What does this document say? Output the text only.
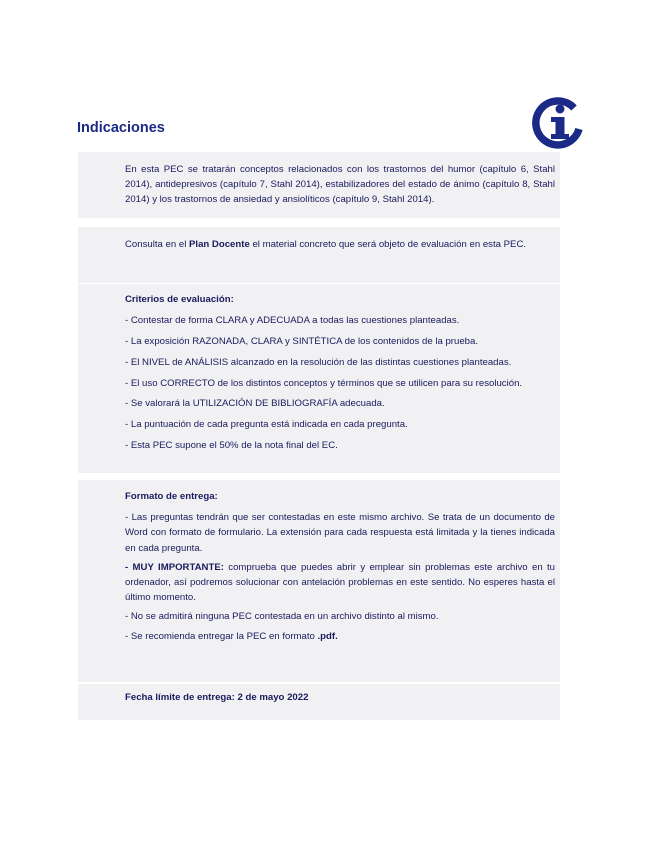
Indicaciones

En esta PEC se tratarán conceptos relacionados con los trastornos del humor (capítulo 6, Stahl 2014), antidepresivos (capítulo 7, Stahl 2014), estabilizadores del estado de ánimo (capítulo 8, Stahl 2014) y los trastornos de ansiedad y ansiolíticos (capítulo 9, Stahl 2014).

Consulta en el Plan Docente el material concreto que será objeto de evaluación en esta PEC.

Criterios de evaluación:

- Contestar de forma CLARA y ADECUADA a todas las cuestiones planteadas.

- La exposición RAZONADA, CLARA y SINTÉTICA de los contenidos de la prueba.

- El NIVEL de ANÁLISIS alcanzado en la resolución de las distintas cuestiones planteadas.

- El uso CORRECTO de los distintos conceptos y términos que se utilicen para su resolución.

- Se valorará la UTILIZACIÓN DE BIBLIOGRAFÍA adecuada.

- La puntuación de cada pregunta está indicada en cada pregunta.

- Esta PEC supone el 50% de la nota final del EC.

Formato de entrega:

- Las preguntas tendrán que ser contestadas en este mismo archivo. Se trata de un documento de Word con formato de formulario. La extensión para cada respuesta está limitada y la tienes indicada en cada pregunta.

- MUY IMPORTANTE: comprueba que puedes abrir y emplear sin problemas este archivo en tu ordenador, así podremos solucionar con antelación problemas en este sentido. No esperes hasta el último momento.

- No se admitirá ninguna PEC contestada en un archivo distinto al mismo.

- Se recomienda entregar la PEC en formato .pdf.

Fecha límite de entrega: 2 de mayo 2022
